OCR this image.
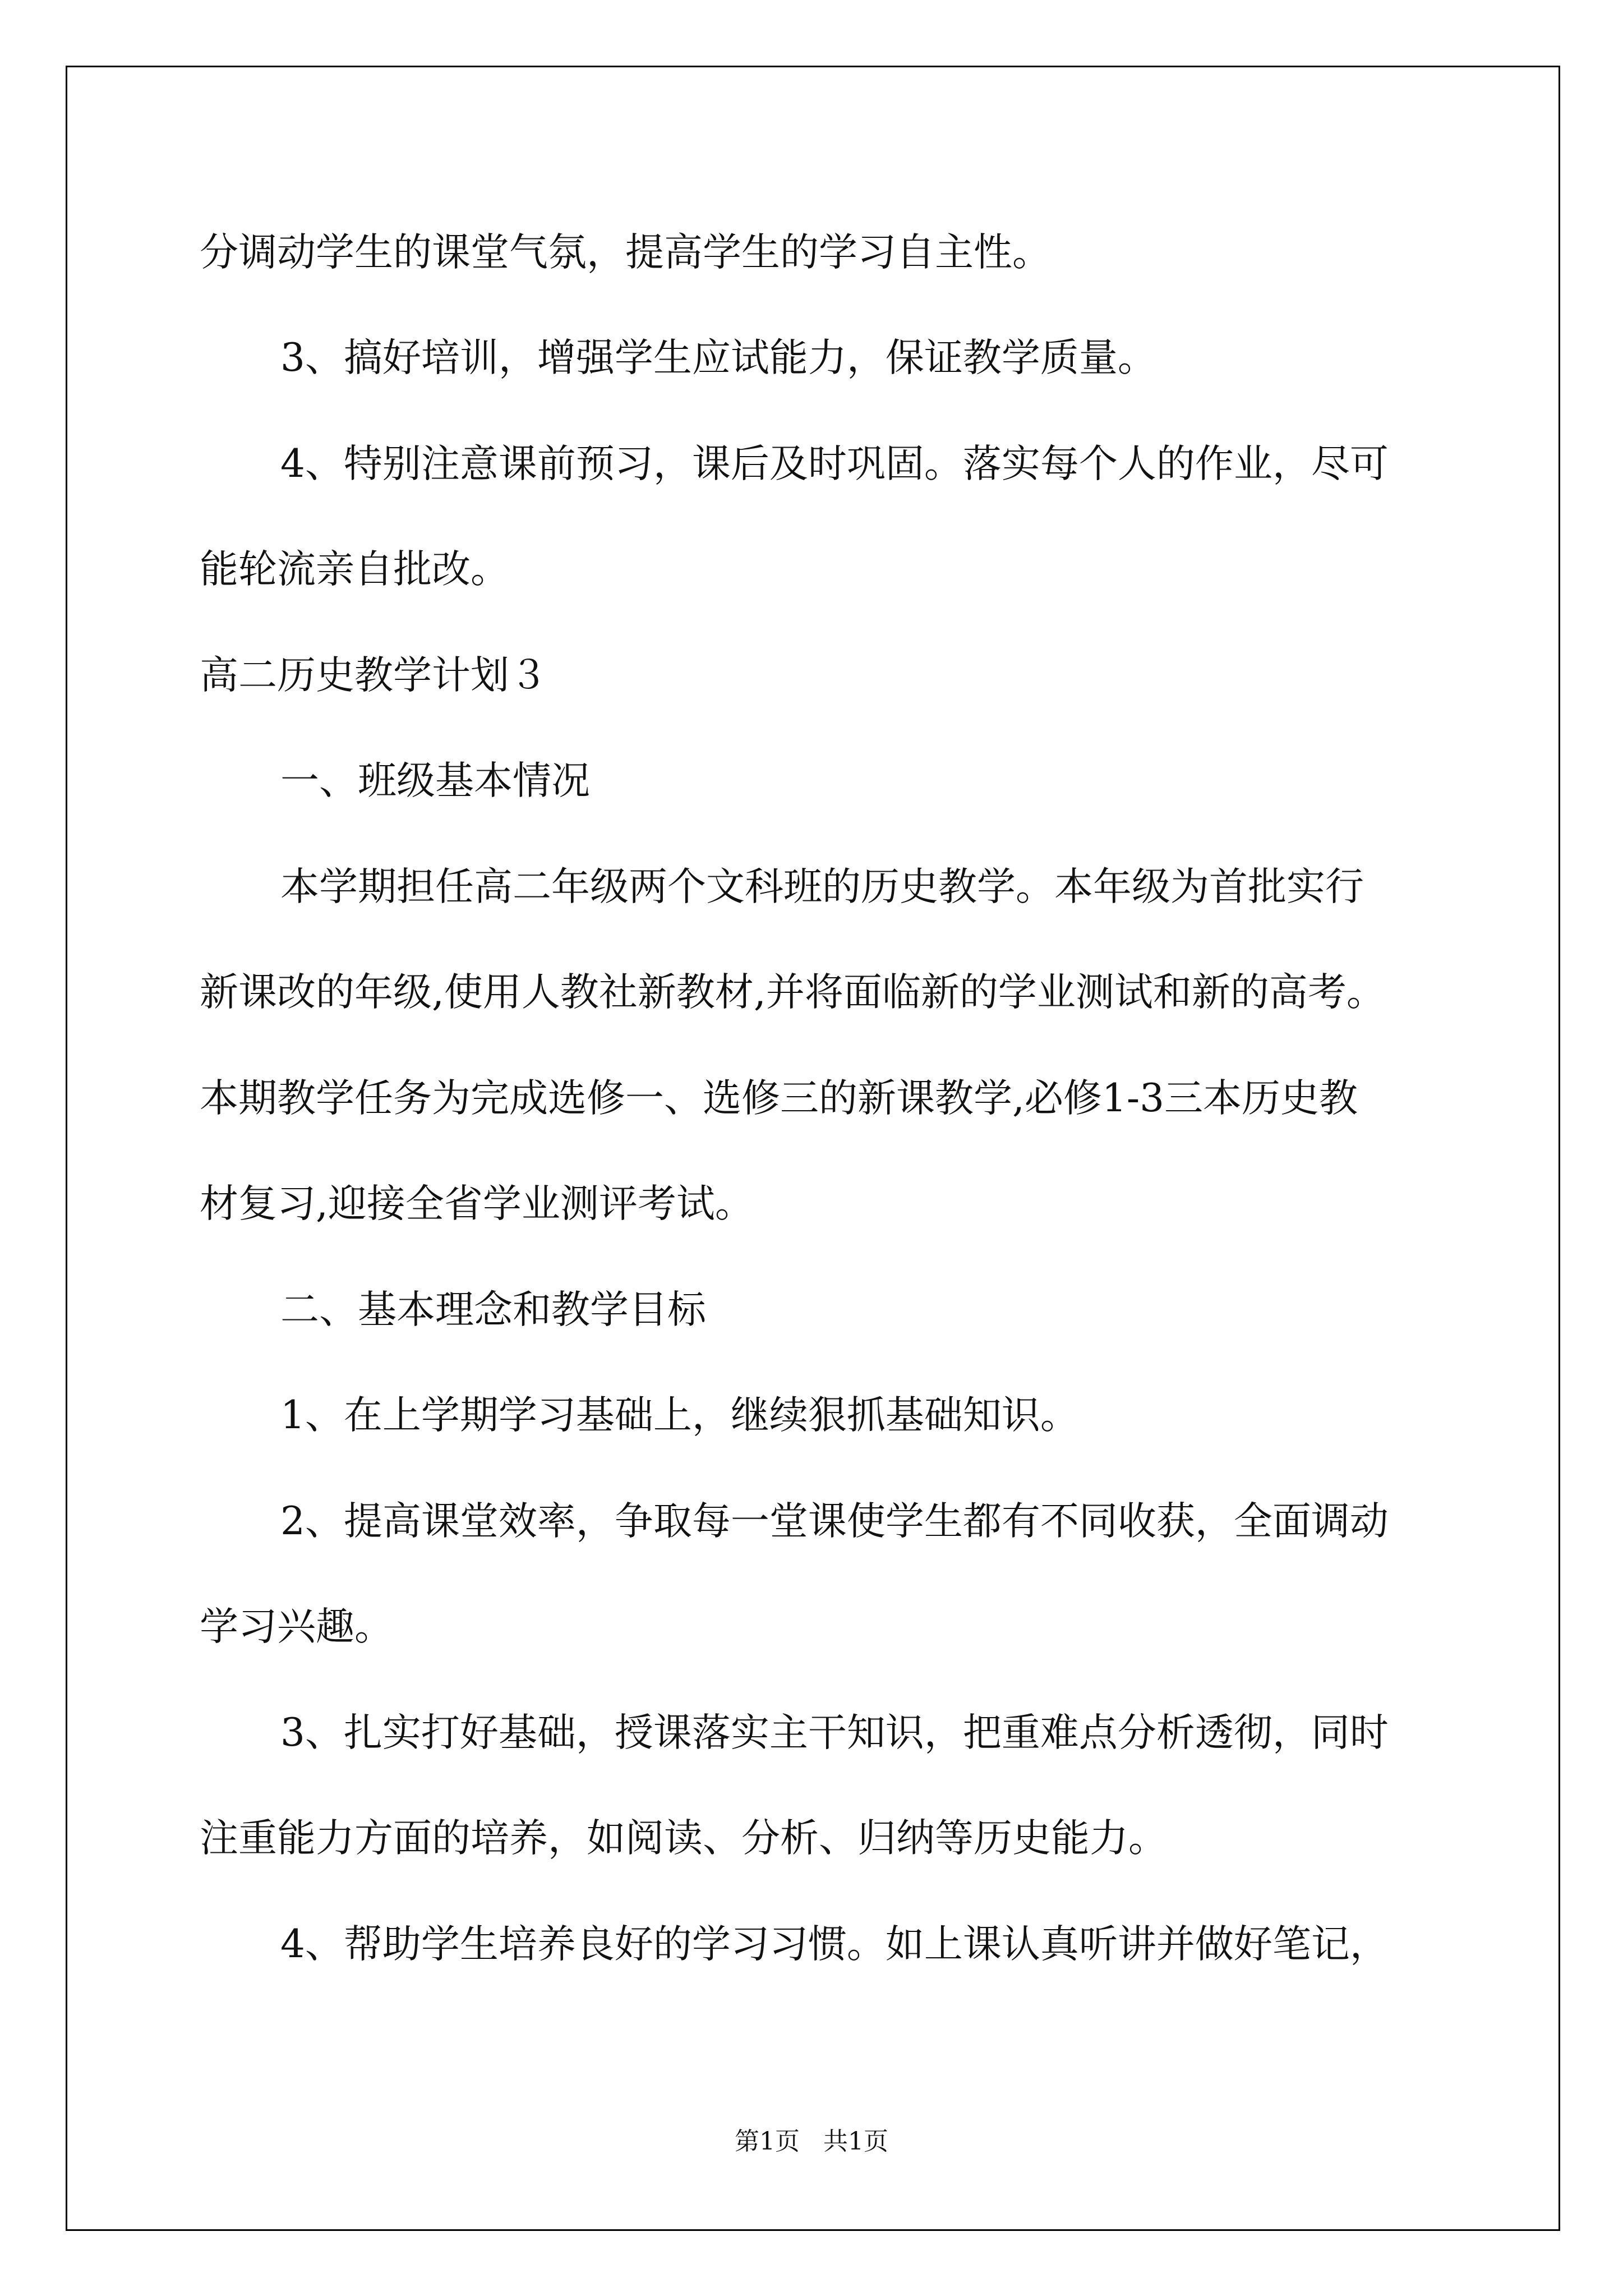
分调动学生的课堂气氛，提高学生的学习自主性。
3、搞好培训，增强学生应试能力，保证教学质量。
4、特别注意课前预习，课后及时巩固。落实每个人的作业，尽可
能轮流亲自批改。
高二历史教学计划３
一、班级基本情况
本学期担任高二年级两个文科班的历史教学。本年级为首批实行
新课改的年级,使用人教社新教材,并将面临新的学业测试和新的高考。
本期教学任务为完成选修一、选修三的新课教学,必修1-3三本历史教
材复习,迎接全省学业测评考试。
二、基本理念和教学目标
1、在上学期学习基础上，继续狠抓基础知识。
2、提高课堂效率，争取每一堂课使学生都有不同收获，全面调动
学习兴趣。
3、扎实打好基础，授课落实主干知识，把重难点分析透彻，同时
注重能力方面的培养，如阅读、分析、归纳等历史能力。
4、帮助学生培养良好的学习习惯。如上课认真听讲并做好笔记，
第1页   共1页
